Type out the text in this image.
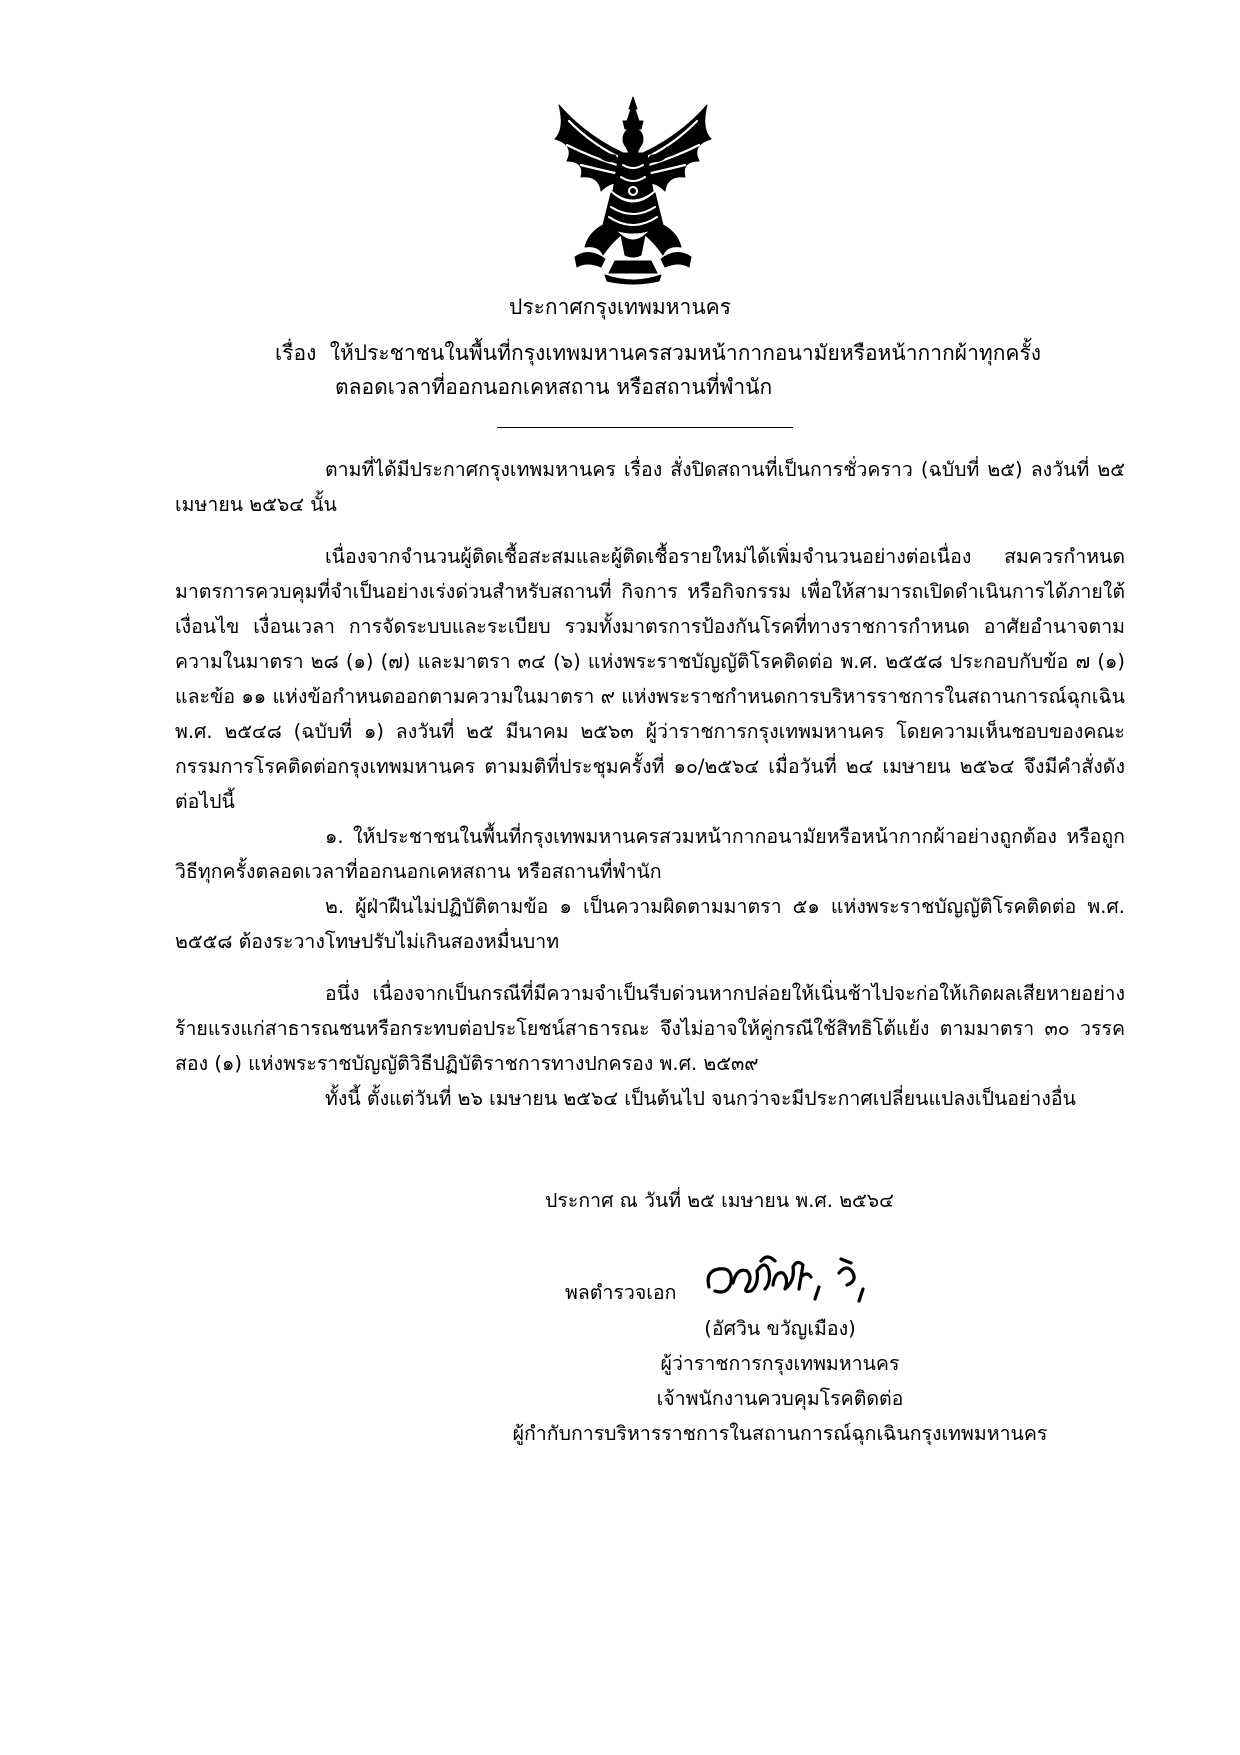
ประกาศกรุงเทพมหานคร
เรื่อง ให้ประชาชนในพื้นที่กรุงเทพมหานครสวมหน้ากากอนามัยหรือหน้ากากผ้าทุกครั้ง
ตลอดเวลาที่ออกนอกเคหสถาน หรือสถานที่พำนัก

ตามที่ได้มีประกาศกรุงเทพมหานคร เรื่อง สั่งปิดสถานที่เป็นการชั่วคราว (ฉบับที่ ๒๕) ลงวันที่ ๒๕ เมษายน ๒๕๖๔ นั้น

เนื่องจากจำนวนผู้ติดเชื้อสะสมและผู้ติดเชื้อรายใหม่ได้เพิ่มจำนวนอย่างต่อเนื่อง สมควรกำหนดมาตรการควบคุมที่จำเป็นอย่างเร่งด่วนสำหรับสถานที่ กิจการ หรือกิจกรรม เพื่อให้สามารถเปิดดำเนินการได้ภายใต้เงื่อนไข เงื่อนเวลา การจัดระบบและระเบียบ รวมทั้งมาตรการป้องกันโรคที่ทางราชการกำหนด อาศัยอำนาจตามความในมาตรา ๒๘ (๑) (๗) และมาตรา ๓๔ (๖) แห่งพระราชบัญญัติโรคติดต่อ พ.ศ. ๒๕๕๘ ประกอบกับข้อ ๗ (๑) และข้อ ๑๑ แห่งข้อกำหนดออกตามความในมาตรา ๙ แห่งพระราชกำหนดการบริหารราชการในสถานการณ์ฉุกเฉิน พ.ศ. ๒๕๔๘ (ฉบับที่ ๑) ลงวันที่ ๒๕ มีนาคม ๒๕๖๓ ผู้ว่าราชการกรุงเทพมหานคร โดยความเห็นชอบของคณะกรรมการโรคติดต่อกรุงเทพมหานคร ตามมติที่ประชุมครั้งที่ ๑๐/๒๕๖๔ เมื่อวันที่ ๒๔ เมษายน ๒๕๖๔ จึงมีคำสั่งดังต่อไปนี้

๑. ให้ประชาชนในพื้นที่กรุงเทพมหานครสวมหน้ากากอนามัยหรือหน้ากากผ้าอย่างถูกต้อง หรือถูกวิธีทุกครั้งตลอดเวลาที่ออกนอกเคหสถาน หรือสถานที่พำนัก

๒. ผู้ฝ่าฝืนไม่ปฏิบัติตามข้อ ๑ เป็นความผิดตามมาตรา ๕๑ แห่งพระราชบัญญัติโรคติดต่อ พ.ศ. ๒๕๕๘ ต้องระวางโทษปรับไม่เกินสองหมื่นบาท

อนึ่ง เนื่องจากเป็นกรณีที่มีความจำเป็นรีบด่วนหากปล่อยให้เนิ่นช้าไปจะก่อให้เกิดผลเสียหายอย่างร้ายแรงแก่สาธารณชนหรือกระทบต่อประโยชน์สาธารณะ จึงไม่อาจให้คู่กรณีใช้สิทธิโต้แย้ง ตามมาตรา ๓๐ วรรคสอง (๑) แห่งพระราชบัญญัติวิธีปฏิบัติราชการทางปกครอง พ.ศ. ๒๕๓๙

ทั้งนี้ ตั้งแต่วันที่ ๒๖ เมษายน ๒๕๖๔ เป็นต้นไป จนกว่าจะมีประกาศเปลี่ยนแปลงเป็นอย่างอื่น

ประกาศ ณ วันที่ ๒๕ เมษายน พ.ศ. ๒๕๖๔
พลตำรวจเอก
(อัศวิน ขวัญเมือง)
ผู้ว่าราชการกรุงเทพมหานคร
เจ้าพนักงานควบคุมโรคติดต่อ
ผู้กำกับการบริหารราชการในสถานการณ์ฉุกเฉินกรุงเทพมหานคร
